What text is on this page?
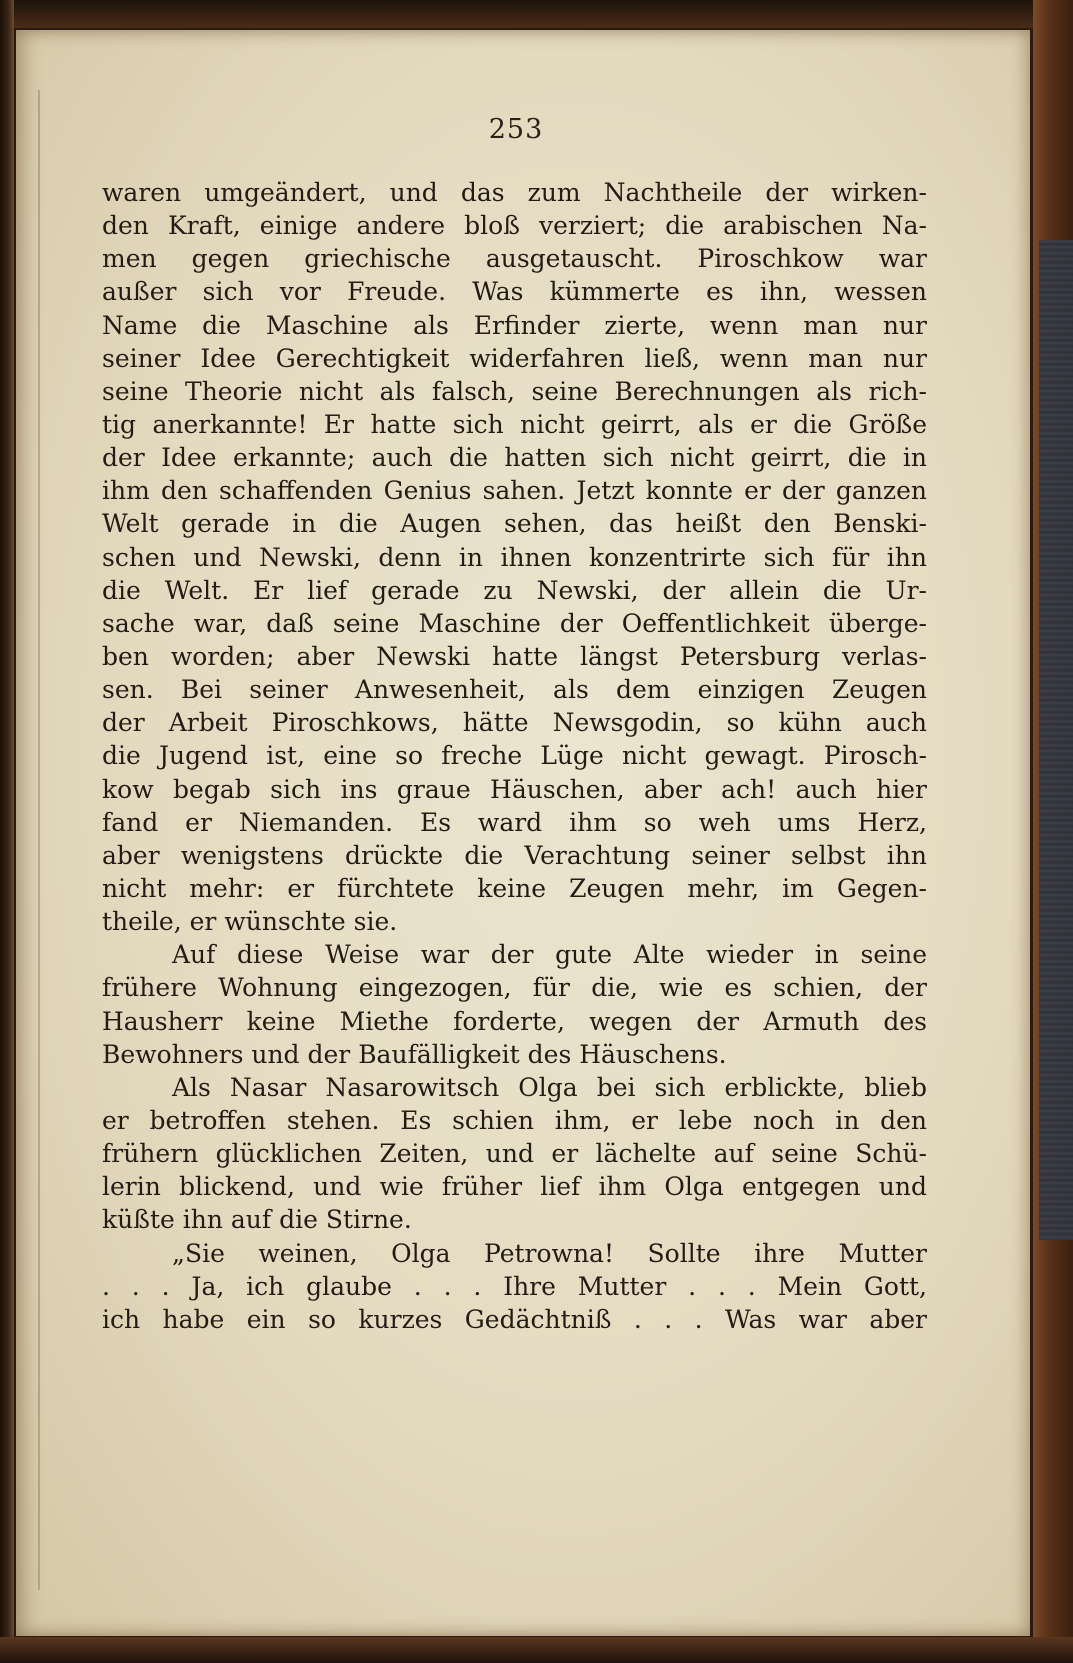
253
waren umgeändert, und das zum Nachtheile der wirken-
den Kraft, einige andere bloß verziert; die arabischen Na-
men gegen griechische ausgetauscht. Piroschkow war
außer sich vor Freude. Was kümmerte es ihn, wessen
Name die Maschine als Erfinder zierte, wenn man nur
seiner Idee Gerechtigkeit widerfahren ließ, wenn man nur
seine Theorie nicht als falsch, seine Berechnungen als rich-
tig anerkannte! Er hatte sich nicht geirrt, als er die Größe
der Idee erkannte; auch die hatten sich nicht geirrt, die in
ihm den schaffenden Genius sahen. Jetzt konnte er der ganzen
Welt gerade in die Augen sehen, das heißt den Benski-
schen und Newski, denn in ihnen konzentrirte sich für ihn
die Welt. Er lief gerade zu Newski, der allein die Ur-
sache war, daß seine Maschine der Oeffentlichkeit überge-
ben worden; aber Newski hatte längst Petersburg verlas-
sen. Bei seiner Anwesenheit, als dem einzigen Zeugen
der Arbeit Piroschkows, hätte Newsgodin, so kühn auch
die Jugend ist, eine so freche Lüge nicht gewagt. Pirosch-
kow begab sich ins graue Häuschen, aber ach! auch hier
fand er Niemanden. Es ward ihm so weh ums Herz,
aber wenigstens drückte die Verachtung seiner selbst ihn
nicht mehr: er fürchtete keine Zeugen mehr, im Gegen-
theile, er wünschte sie.
Auf diese Weise war der gute Alte wieder in seine
frühere Wohnung eingezogen, für die, wie es schien, der
Hausherr keine Miethe forderte, wegen der Armuth des
Bewohners und der Baufälligkeit des Häuschens.
Als Nasar Nasarowitsch Olga bei sich erblickte, blieb
er betroffen stehen. Es schien ihm, er lebe noch in den
frühern glücklichen Zeiten, und er lächelte auf seine Schü-
lerin blickend, und wie früher lief ihm Olga entgegen und
küßte ihn auf die Stirne.
„Sie weinen, Olga Petrowna! Sollte ihre Mutter
. . . Ja, ich glaube . . . Ihre Mutter . . . Mein Gott,
ich habe ein so kurzes Gedächtniß . . . Was war aber
